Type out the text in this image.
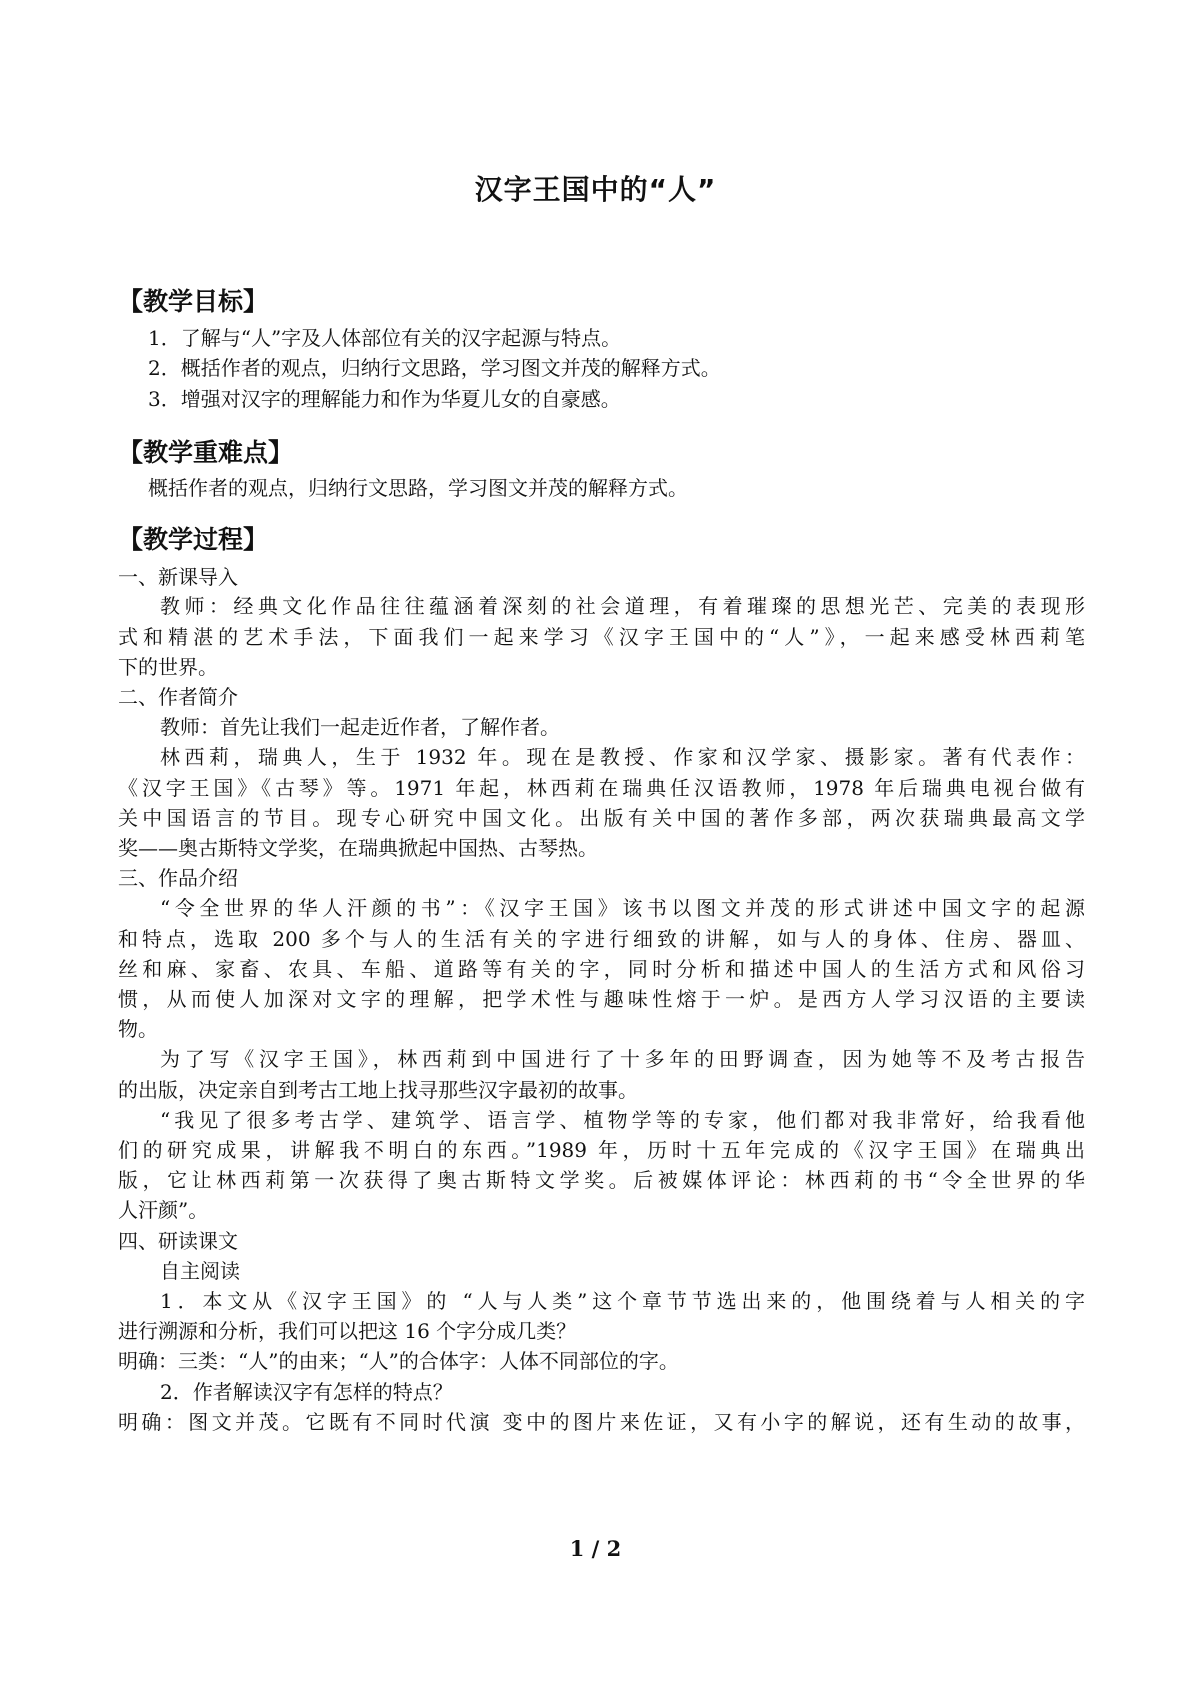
汉字王国中的“人”
【教学目标】
1．了解与“人”字及人体部位有关的汉字起源与特点。
2．概括作者的观点，归纳行文思路，学习图文并茂的解释方式。
3．增强对汉字的理解能力和作为华夏儿女的自豪感。
【教学重难点】
概括作者的观点，归纳行文思路，学习图文并茂的解释方式。
【教学过程】
一、新课导入
教师：经典文化作品往往蕴涵着深刻的社会道理，有着璀璨的思想光芒、完美的表现形
式和精湛的艺术手法，下面我们一起来学习《汉字王国中的“人”》，一起来感受林西莉笔
下的世界。
二、作者简介
教师：首先让我们一起走近作者，了解作者。
林西莉，瑞典人，生于 1932 年。现在是教授、作家和汉学家、摄影家。著有代表作：
《汉字王国》《古琴》等。1971 年起，林西莉在瑞典任汉语教师，1978 年后瑞典电视台做有
关中国语言的节目。现专心研究中国文化。出版有关中国的著作多部，两次获瑞典最高文学
奖——奥古斯特文学奖，在瑞典掀起中国热、古琴热。
三、作品介绍
“令全世界的华人汗颜的书”：《汉字王国》该书以图文并茂的形式讲述中国文字的起源
和特点，选取 200 多个与人的生活有关的字进行细致的讲解，如与人的身体、住房、器皿、
丝和麻、家畜、农具、车船、道路等有关的字，同时分析和描述中国人的生活方式和风俗习
惯，从而使人加深对文字的理解，把学术性与趣味性熔于一炉。是西方人学习汉语的主要读
物。
为了写《汉字王国》，林西莉到中国进行了十多年的田野调查，因为她等不及考古报告
的出版，决定亲自到考古工地上找寻那些汉字最初的故事。
“我见了很多考古学、建筑学、语言学、植物学等的专家，他们都对我非常好，给我看他
们的研究成果，讲解我不明白的东西。”1989 年，历时十五年完成的《汉字王国》在瑞典出
版，它让林西莉第一次获得了奥古斯特文学奖。后被媒体评论：林西莉的书“令全世界的华
人汗颜”。
四、研读课文
自主阅读
1．本文从《汉字王国》的 “人与人类”这个章节节选出来的，他围绕着与人相关的字
进行溯源和分析，我们可以把这 16 个字分成几类？
明确：三类：“人”的由来；“人”的合体字：人体不同部位的字。
2．作者解读汉字有怎样的特点？
明确：图文并茂。它既有不同时代演 变中的图片来佐证，又有小字的解说，还有生动的故事，
1 / 2
